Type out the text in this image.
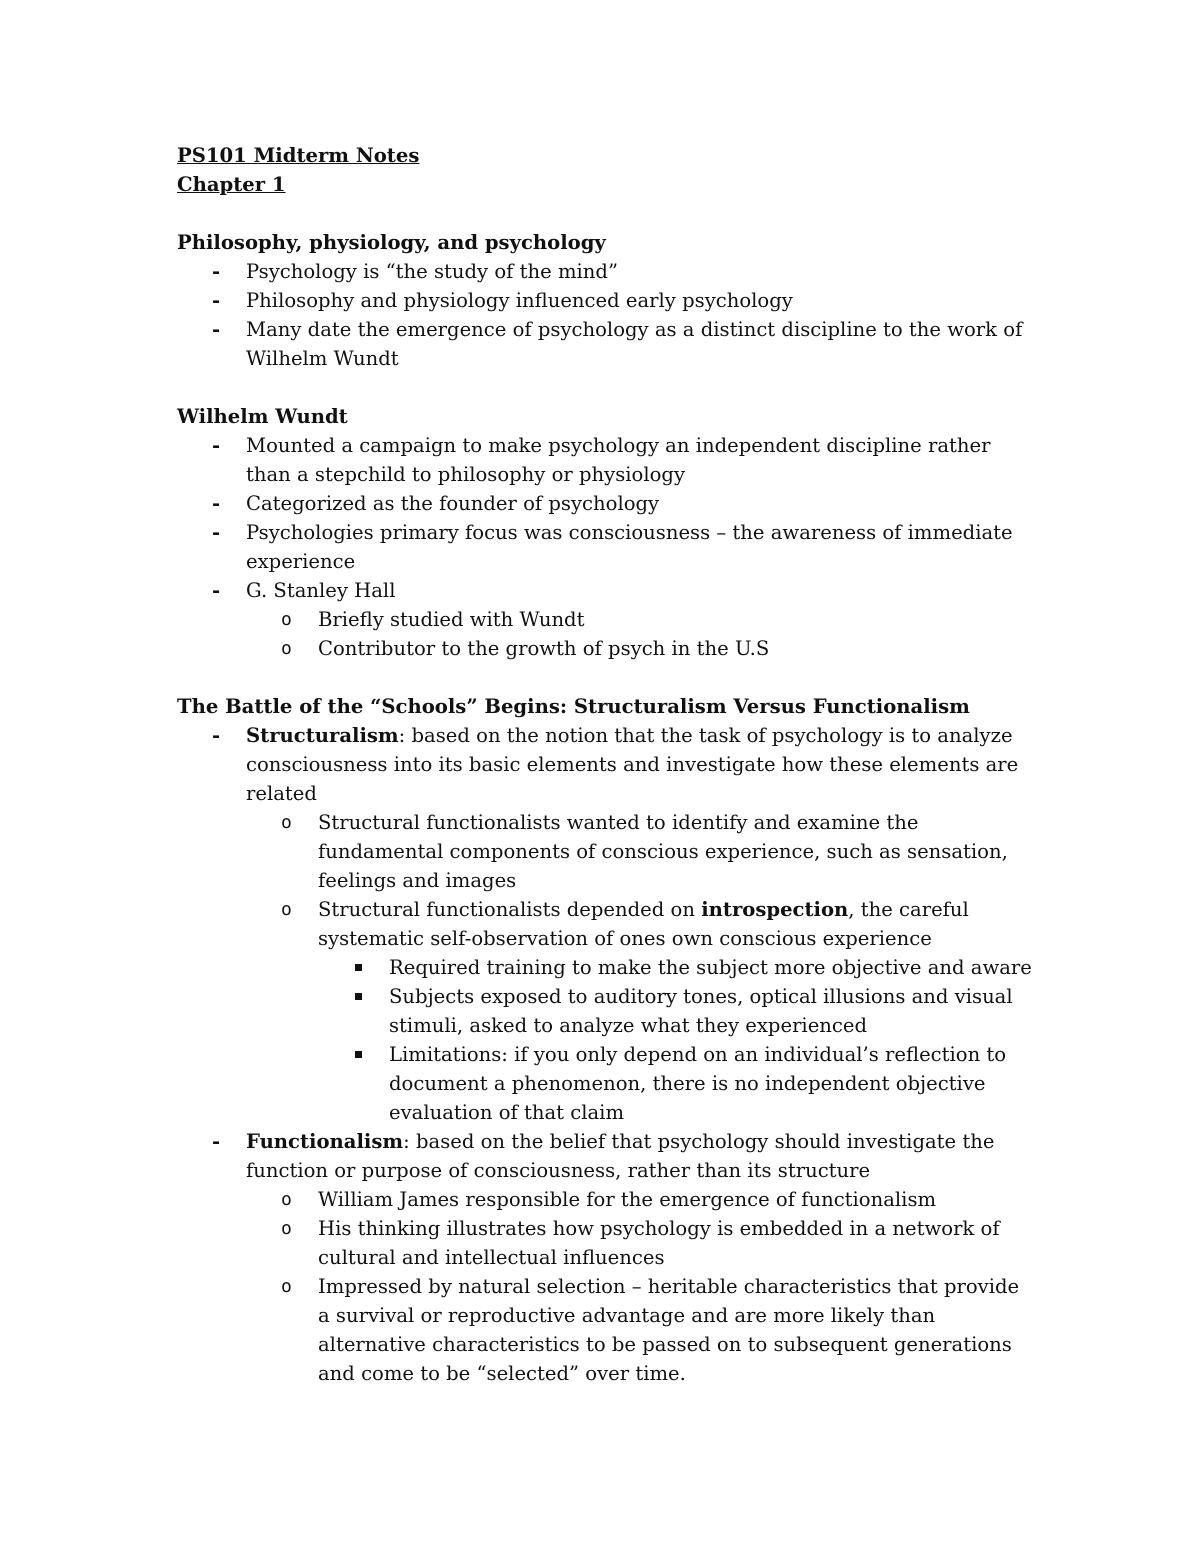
PS101 Midterm Notes
Chapter 1
Philosophy, physiology, and psychology
- Psychology is “the study of the mind”
- Philosophy and physiology influenced early psychology
- Many date the emergence of psychology as a distinct discipline to the work of Wilhelm Wundt
Wilhelm Wundt
- Mounted a campaign to make psychology an independent discipline rather than a stepchild to philosophy or physiology
- Categorized as the founder of psychology
- Psychologies primary focus was consciousness – the awareness of immediate experience
- G. Stanley Hall
o Briefly studied with Wundt
o Contributor to the growth of psych in the U.S
The Battle of the “Schools” Begins: Structuralism Versus Functionalism
- Structuralism: based on the notion that the task of psychology is to analyze consciousness into its basic elements and investigate how these elements are related
o Structural functionalists wanted to identify and examine the fundamental components of conscious experience, such as sensation, feelings and images
o Structural functionalists depended on introspection, the careful systematic self-observation of ones own conscious experience
Required training to make the subject more objective and aware
Subjects exposed to auditory tones, optical illusions and visual stimuli, asked to analyze what they experienced
Limitations: if you only depend on an individual’s reflection to document a phenomenon, there is no independent objective evaluation of that claim
- Functionalism: based on the belief that psychology should investigate the function or purpose of consciousness, rather than its structure
o William James responsible for the emergence of functionalism
o His thinking illustrates how psychology is embedded in a network of cultural and intellectual influences
o Impressed by natural selection – heritable characteristics that provide a survival or reproductive advantage and are more likely than alternative characteristics to be passed on to subsequent generations and come to be “selected” over time.
